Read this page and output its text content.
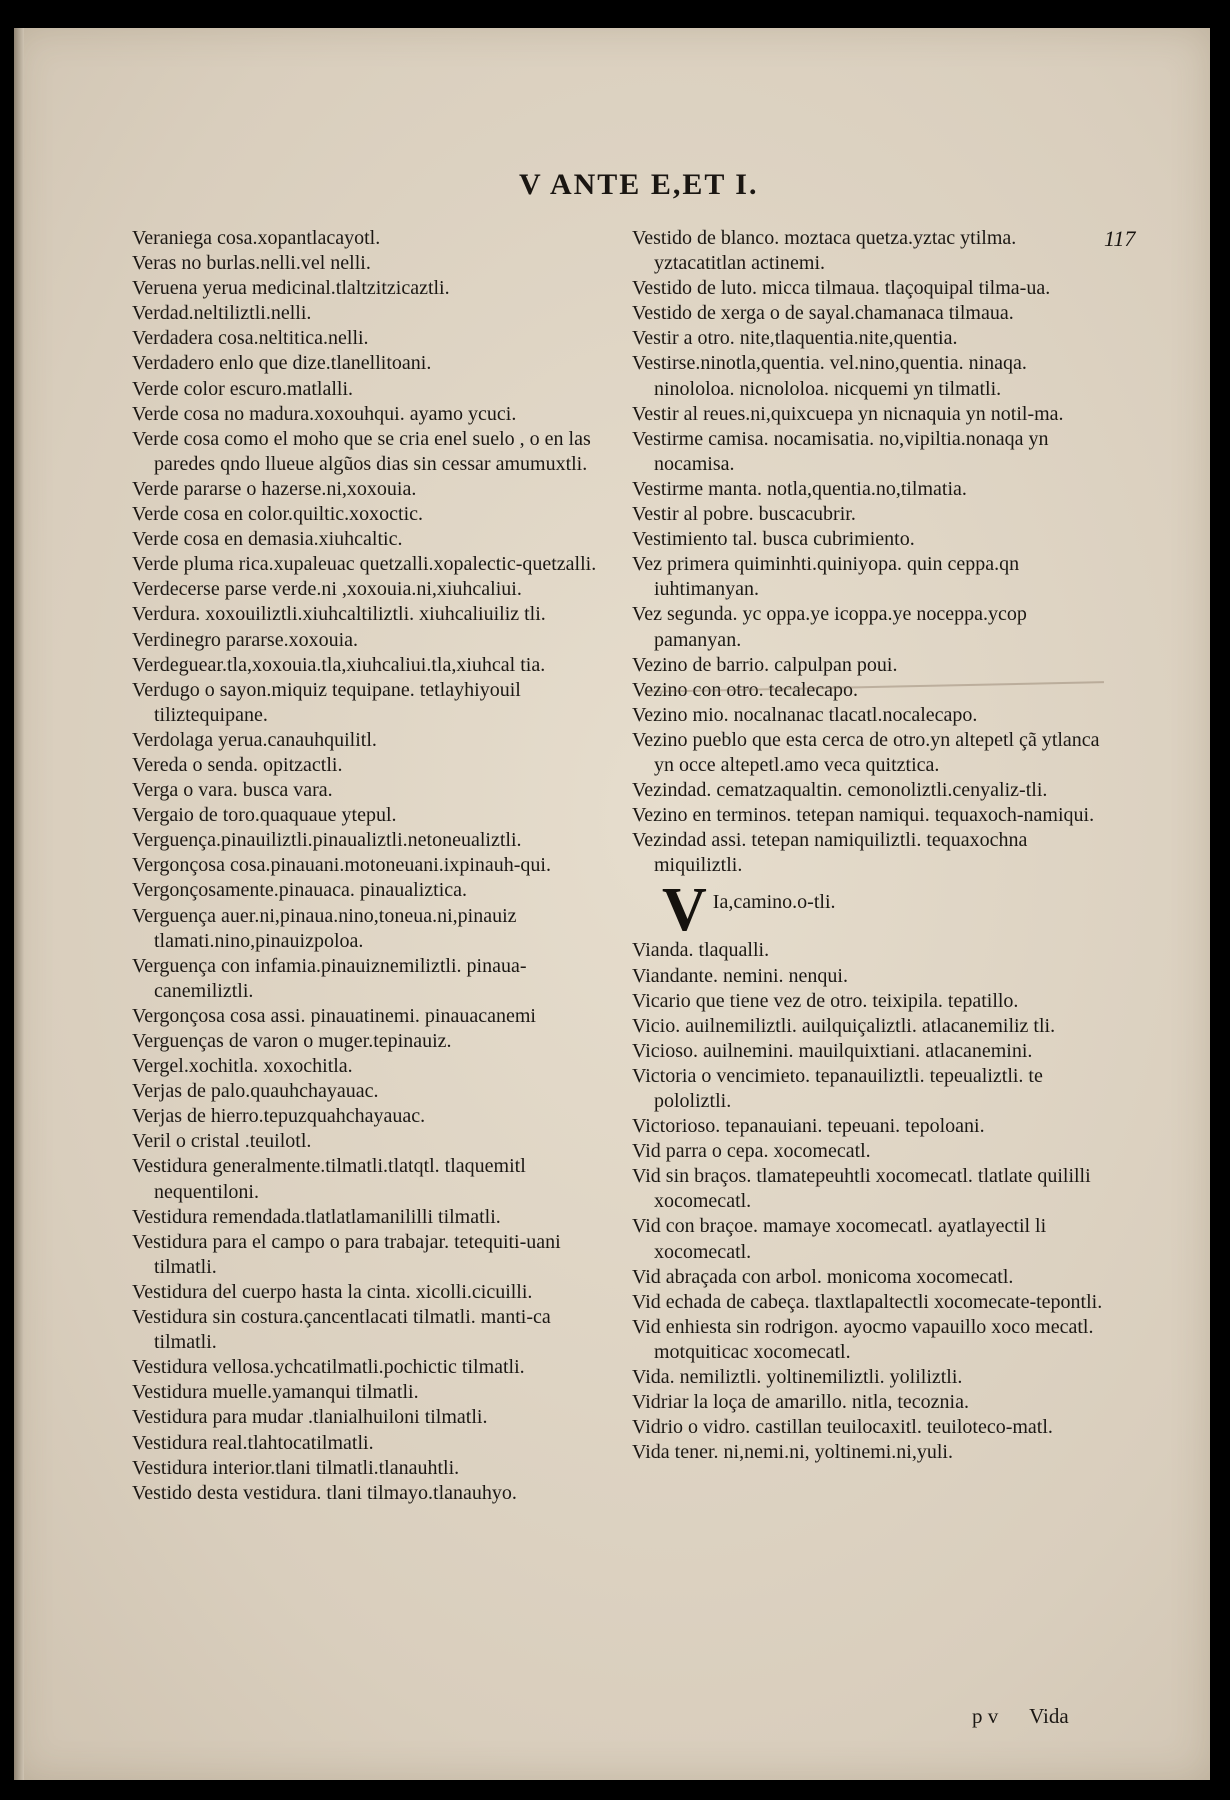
V ANTE E,ET I.
117
Veraniega cosa.xopantlacayotl.
Veras no burlas.nelli.vel nelli.
Veruena yerua medicinal.tlaltzitzicaztli.
Verdad.neltiliztli.nelli.
Verdadera cosa.neltitica.nelli.
Verdadero enlo que dize.tlanellitoani.
Verde color escuro.matlalli.
Verde cosa no madura.xoxouhqui. ayamo ycuci.
Verde cosa como el moho que se cria enel suelo , o en las paredes qndo llueue algũos dias sin cessar amumuxtli.
Verde pararse o hazerse.ni,xoxouia.
Verde cosa en color.quiltic.xoxoctic.
Verde cosa en demasia.xiuhcaltic.
Verde pluma rica.xupaleuac quetzalli.xopalectic-quetzalli.
Verdecerse parse verde.ni ,xoxouia.ni,xiuhcaliui.
Verdura. xoxouiliztli.xiuhcaltiliztli. xiuhcaliuiliz tli.
Verdinegro pararse.xoxouia.
Verdeguear.tla,xoxouia.tla,xiuhcaliui.tla,xiuhcal tia.
Verdugo o sayon.miquiz tequipane. tetlayhiyouil tiliztequipane.
Verdolaga yerua.canauhquilitl.
Vereda o senda. opitzactli.
Verga o vara. busca vara.
Vergaio de toro.quaquaue ytepul.
Verguença.pinauiliztli.pinaualiztli.netoneualiztli.
Vergonçosa cosa.pinauani.motoneuani.ixpinauh-qui.
Vergonçosamente.pinauaca. pinaualiztica.
Verguença auer.ni,pinaua.nino,toneua.ni,pinauiz tlamati.nino,pinauizpoloa.
Verguença con infamia.pinauiznemiliztli. pinaua-canemiliztli.
Vergonçosa cosa assi. pinauatinemi. pinauacanemi
Verguenças de varon o muger.tepinauiz.
Vergel.xochitla. xoxochitla.
Verjas de palo.quauhchayauac.
Verjas de hierro.tepuzquahchayauac.
Veril o cristal .teuilotl.
Vestidura generalmente.tilmatli.tlatqtl. tlaquemitl nequentiloni.
Vestidura remendada.tlatlatlamanililli tilmatli.
Vestidura para el campo o para trabajar. tetequiti-uani tilmatli.
Vestidura del cuerpo hasta la cinta. xicolli.cicuilli.
Vestidura sin costura.çancentlacati tilmatli. manti-ca tilmatli.
Vestidura vellosa.ychcatilmatli.pochictic tilmatli.
Vestidura muelle.yamanqui tilmatli.
Vestidura para mudar .tlanialhuiloni tilmatli.
Vestidura real.tlahtocatilmatli.
Vestidura interior.tlani tilmatli.tlanauhtli.
Vestido desta vestidura. tlani tilmayo.tlanauhyo.
Vestido de blanco. moztaca quetza.yztac ytilma. yztacatitlan actinemi.
Vestido de luto. micca tilmaua. tlaçoquipal tilma-ua.
Vestido de xerga o de sayal.chamanaca tilmaua.
Vestir a otro. nite,tlaquentia.nite,quentia.
Vestirse.ninotla,quentia. vel.nino,quentia. ninaqa. ninololoa. nicnololoa. nicquemi yn tilmatli.
Vestir al reues.ni,quixcuepa yn nicnaquia yn notil-ma.
Vestirme camisa. nocamisatia. no,vipiltia.nonaqa yn nocamisa.
Vestirme manta. notla,quentia.no,tilmatia.
Vestir al pobre. buscacubrir.
Vestimiento tal. busca cubrimiento.
Vez primera quiminhti.quiniyopa. quin ceppa.qn iuhtimanyan.
Vez segunda. yc oppa.ye icoppa.ye noceppa.ycop pamanyan.
Vezino de barrio. calpulpan poui.
Vezino con otro. tecalecapo.
Vezino mio. nocalnanac tlacatl.nocalecapo.
Vezino pueblo que esta cerca de otro.yn altepetl çã ytlanca yn occe altepetl.amo veca quitztica.
Vezindad. cematzaqualtin. cemonoliztli.cenyaliz-tli.
Vezino en terminos. tetepan namiqui. tequaxoch-namiqui.
Vezindad assi. tetepan namiquiliztli. tequaxochna miquiliztli.
V Ia,camino.o-tli.
Vianda. tlaqualli.
Viandante. nemini. nenqui.
Vicario que tiene vez de otro. teixipila. tepatillo.
Vicio. auilnemiliztli. auilquiçaliztli. atlacanemiliz tli.
Vicioso. auilnemini. mauilquixtiani. atlacanemini.
Victoria o vencimieto. tepanauiliztli. tepeualiztli. te pololiztli.
Victorioso. tepanauiani. tepeuani. tepoloani.
Vid parra o cepa. xocomecatl.
Vid sin braços. tlamatepeuhtli xocomecatl. tlatlate quililli xocomecatl.
Vid con braçoe. mamaye xocomecatl. ayatlayectil li xocomecatl.
Vid abraçada con arbol. monicoma xocomecatl.
Vid echada de cabeça. tlaxtlapaltectli xocomecate-tepontli.
Vid enhiesta sin rodrigon. ayocmo vapauillo xoco mecatl. motquiticac xocomecatl.
Vida. nemiliztli. yoltinemiliztli. yoliliztli.
Vidriar la loça de amarillo. nitla, tecoznia.
Vidrio o vidro. castillan teuilocaxitl. teuiloteco-matl.
Vida tener. ni,nemi.ni, yoltinemi.ni,yuli.
p v Vida
